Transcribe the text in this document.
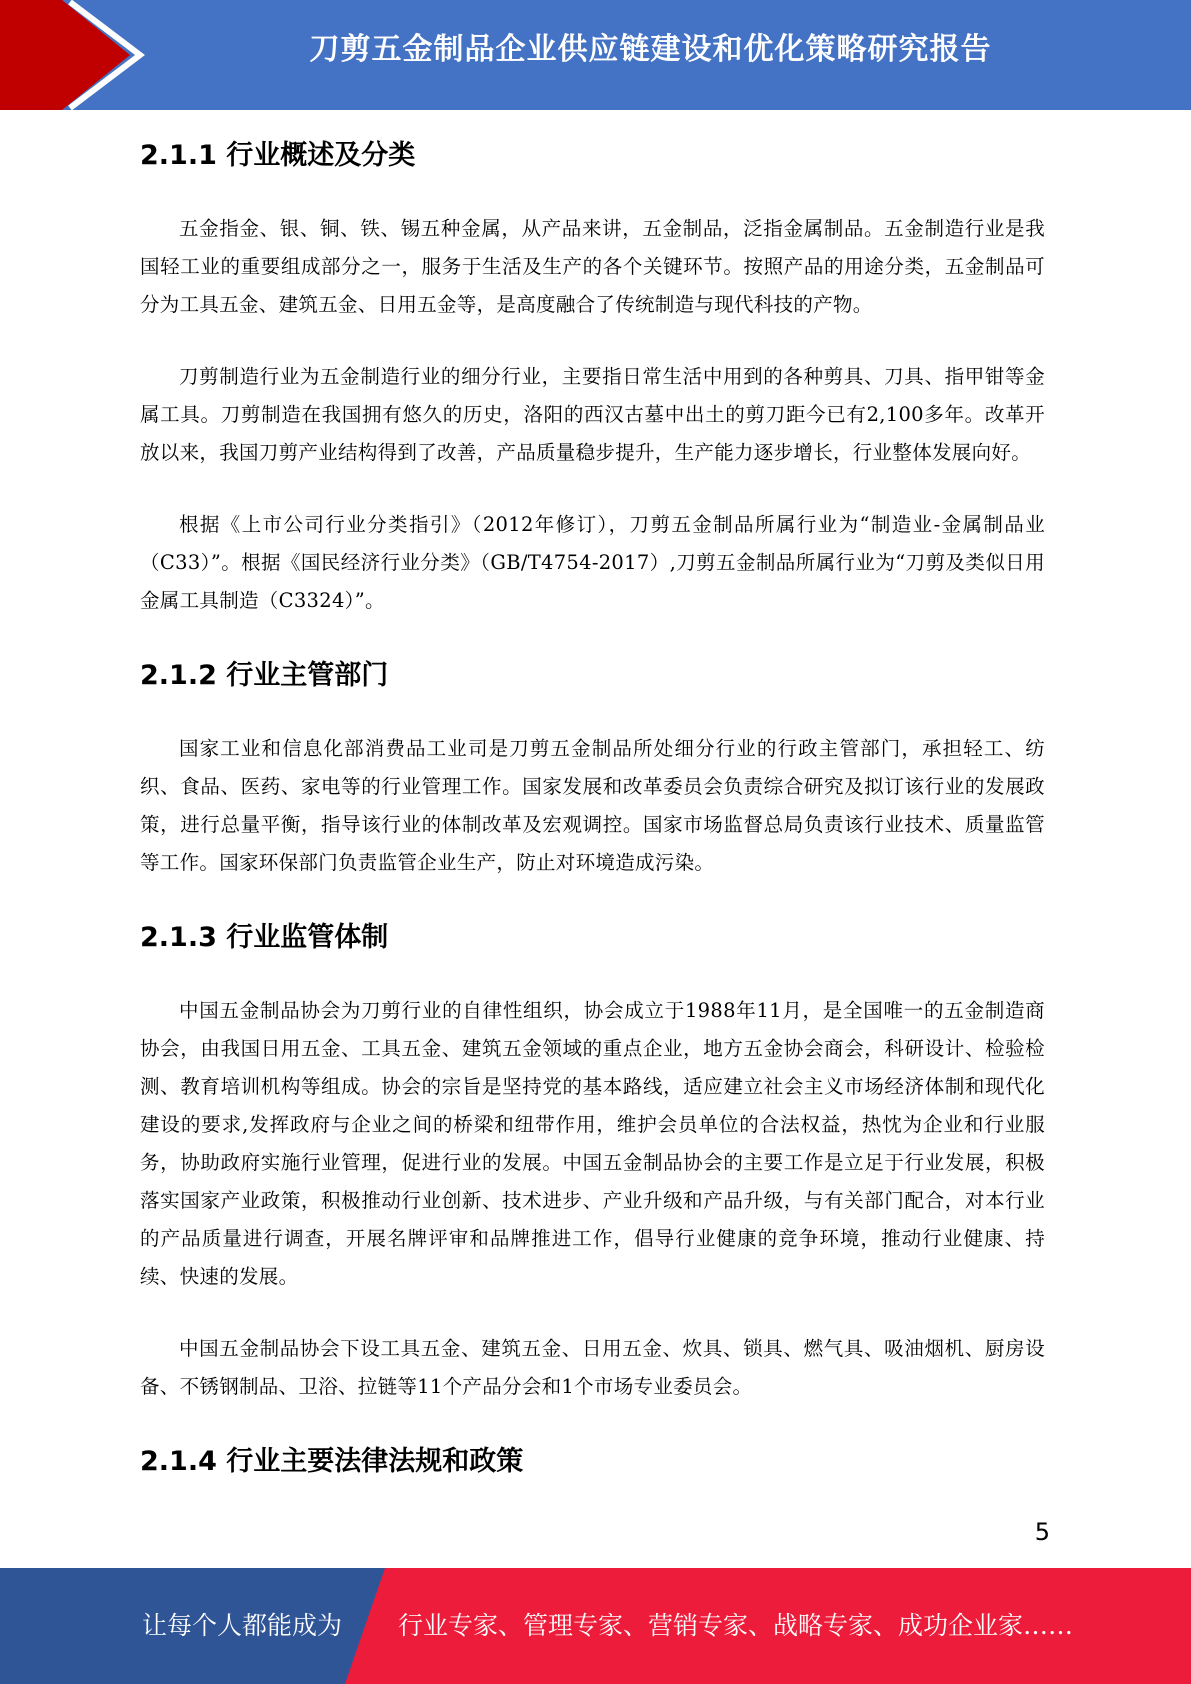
刀剪五金制品企业供应链建设和优化策略研究报告
2.1.1 行业概述及分类

五金指金、银、铜、铁、锡五种金属，从产品来讲，五金制品，泛指金属制品。五金制造行业是我国轻工业的重要组成部分之一，服务于生活及生产的各个关键环节。按照产品的用途分类，五金制品可分为工具五金、建筑五金、日用五金等，是高度融合了传统制造与现代科技的产物。

刀剪制造行业为五金制造行业的细分行业，主要指日常生活中用到的各种剪具、刀具、指甲钳等金属工具。刀剪制造在我国拥有悠久的历史，洛阳的西汉古墓中出土的剪刀距今已有2,100多年。改革开放以来，我国刀剪产业结构得到了改善，产品质量稳步提升，生产能力逐步增长，行业整体发展向好。

根据《上市公司行业分类指引》（2012年修订），刀剪五金制品所属行业为“制造业-金属制品业（C33）”。根据《国民经济行业分类》（GB/T4754-2017）,刀剪五金制品所属行业为“刀剪及类似日用金属工具制造（C3324）”。

2.1.2 行业主管部门

国家工业和信息化部消费品工业司是刀剪五金制品所处细分行业的行政主管部门，承担轻工、纺织、食品、医药、家电等的行业管理工作。国家发展和改革委员会负责综合研究及拟订该行业的发展政策，进行总量平衡，指导该行业的体制改革及宏观调控。国家市场监督总局负责该行业技术、质量监管等工作。国家环保部门负责监管企业生产，防止对环境造成污染。

2.1.3 行业监管体制

中国五金制品协会为刀剪行业的自律性组织，协会成立于1988年11月，是全国唯一的五金制造商协会，由我国日用五金、工具五金、建筑五金领域的重点企业，地方五金协会商会，科研设计、检验检测、教育培训机构等组成。协会的宗旨是坚持党的基本路线，适应建立社会主义市场经济体制和现代化建设的要求,发挥政府与企业之间的桥梁和纽带作用，维护会员单位的合法权益，热忱为企业和行业服务，协助政府实施行业管理，促进行业的发展。中国五金制品协会的主要工作是立足于行业发展，积极落实国家产业政策，积极推动行业创新、技术进步、产业升级和产品升级，与有关部门配合，对本行业的产品质量进行调查，开展名牌评审和品牌推进工作，倡导行业健康的竞争环境，推动行业健康、持续、快速的发展。

中国五金制品协会下设工具五金、建筑五金、日用五金、炊具、锁具、燃气具、吸油烟机、厨房设备、不锈钢制品、卫浴、拉链等11个产品分会和1个市场专业委员会。

2.1.4 行业主要法律法规和政策
5
让每个人都能成为 行业专家、管理专家、营销专家、战略专家、成功企业家……
